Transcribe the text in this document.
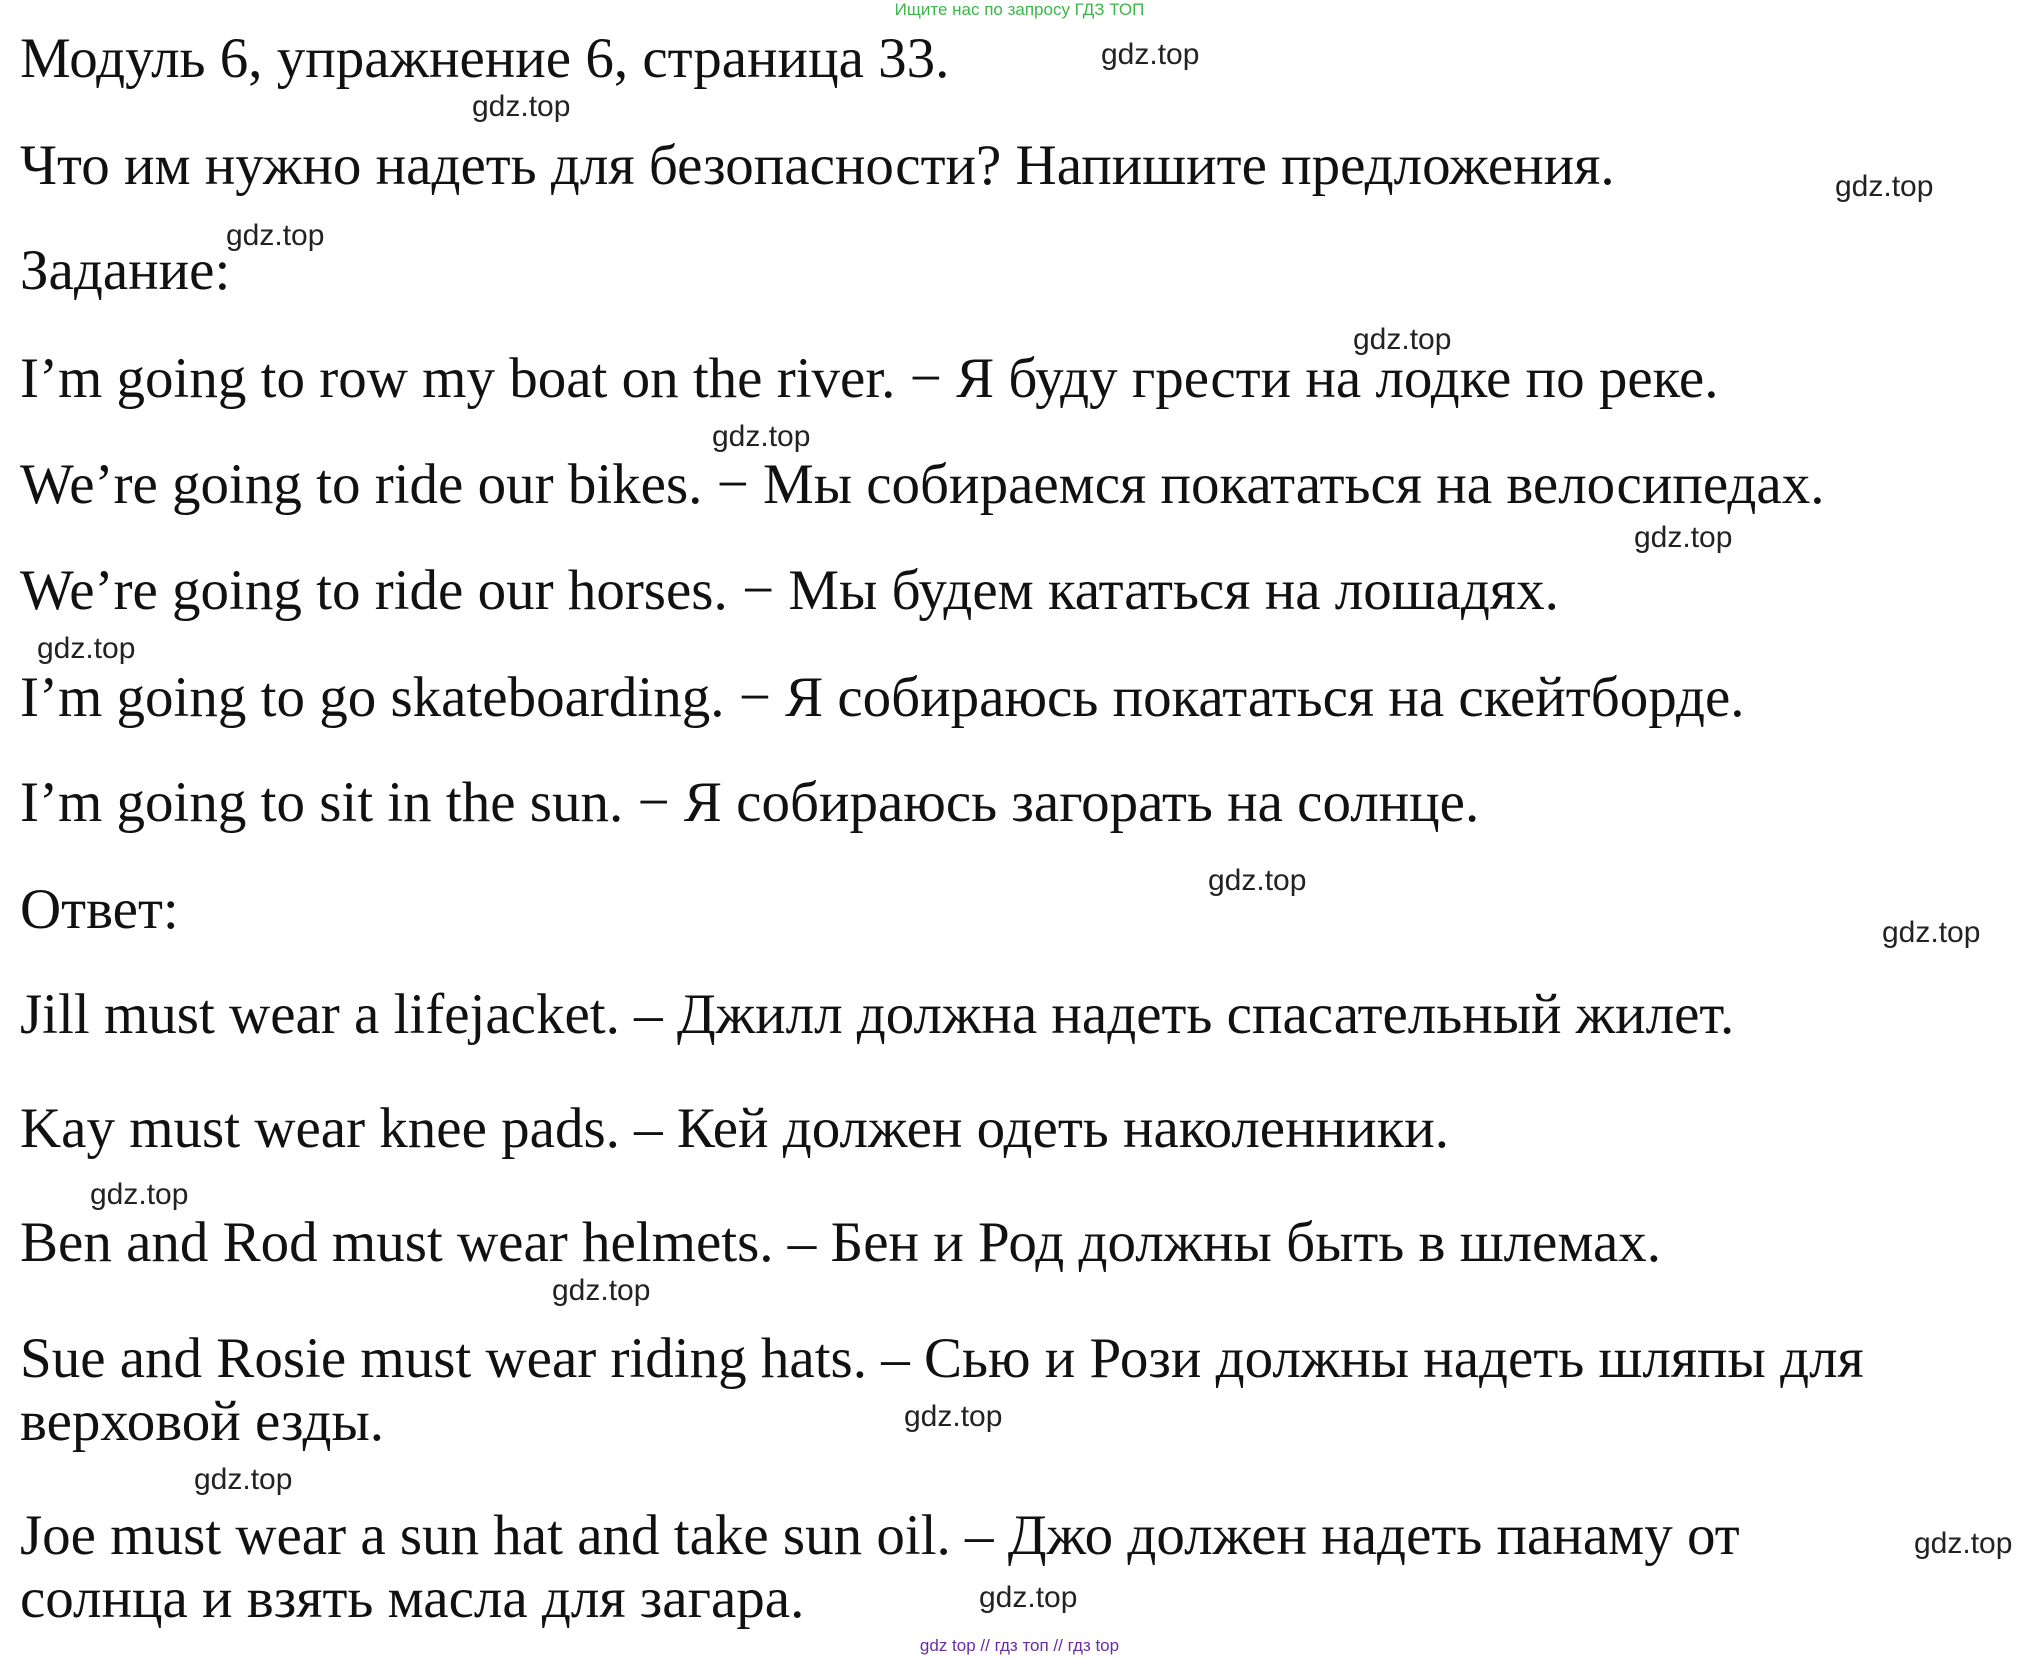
Ищите нас по запросу ГДЗ ТОП
Модуль 6, упражнение 6, страница 33.
Что им нужно надеть для безопасности? Напишите предложения.
Задание:
I’m going to row my boat on the river. − Я буду грести на лодке по реке.
We’re going to ride our bikes. − Мы собираемся покататься на велосипедах.
We’re going to ride our horses. − Мы будем кататься на лошадях.
I’m going to go skateboarding. − Я собираюсь покататься на скейтборде.
I’m going to sit in the sun. − Я собираюсь загорать на солнце.
Ответ:
Jill must wear a lifejacket. – Джилл должна надеть спасательный жилет.
Kay must wear knee pads. – Кей должен одеть наколенники.
Ben and Rod must wear helmets. – Бен и Род должны быть в шлемах.
Sue and Rosie must wear riding hats. – Сью и Рози должны надеть шляпы для
верховой езды.
Joe must wear a sun hat and take sun oil. – Джо должен надеть панаму от
солнца и взять масла для загара.
gdz.top
gdz.top
gdz.top
gdz.top
gdz.top
gdz.top
gdz.top
gdz.top
gdz.top
gdz.top
gdz.top
gdz.top
gdz.top
gdz.top
gdz.top
gdz.top
gdz top // гдз топ // гдз top
